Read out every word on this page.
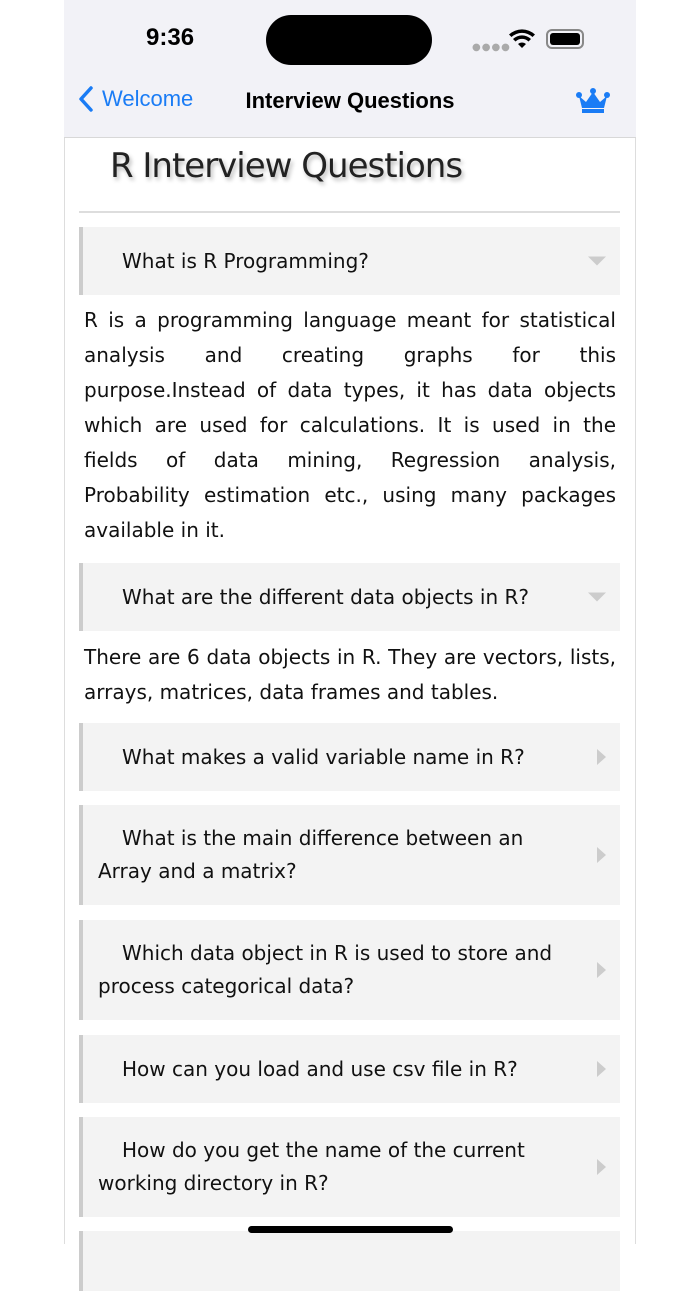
9:36	●●●●
Welcome	Interview Questions
R Interview Questions
What is R Programming?
R is a programming language meant for statistical analysis and creating graphs for this purpose.Instead of data types, it has data objects which are used for calculations. It is used in the fields of data mining, Regression analysis, Probability estimation etc., using many packages available in it.
What are the different data objects in R?
There are 6 data objects in R. They are vectors, lists, arrays, matrices, data frames and tables.
What makes a valid variable name in R?
What is the main difference between an Array and a matrix?
Which data object in R is used to store and process categorical data?
How can you load and use csv file in R?
How do you get the name of the current working directory in R?
